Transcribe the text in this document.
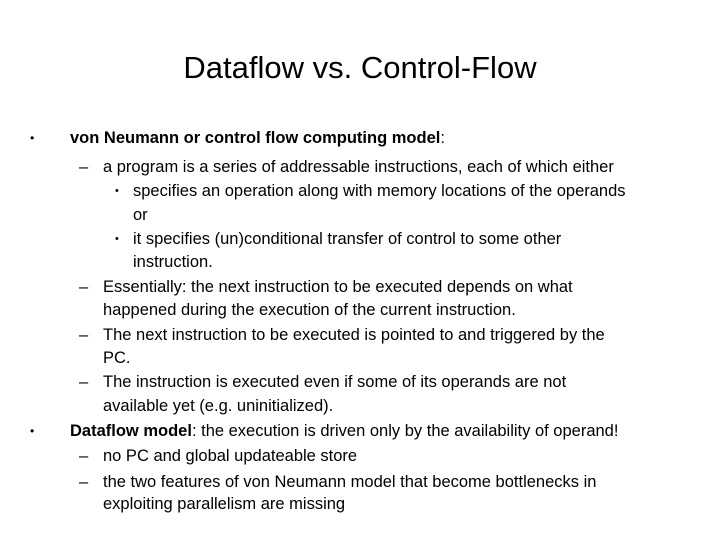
Dataflow vs. Control-Flow
• von Neumann or control flow computing model:
– a program is a series of addressable instructions, each of which either
• specifies an operation along with memory locations of the operands
or
• it specifies (un)conditional transfer of control to some other
instruction.
– Essentially: the next instruction to be executed depends on what
happened during the execution of the current instruction.
– The next instruction to be executed is pointed to and triggered by the
PC.
– The instruction is executed even if some of its operands are not
available yet (e.g. uninitialized).
• Dataflow model: the execution is driven only by the availability of operand!
– no PC and global updateable store
– the two features of von Neumann model that become bottlenecks in
exploiting parallelism are missing
